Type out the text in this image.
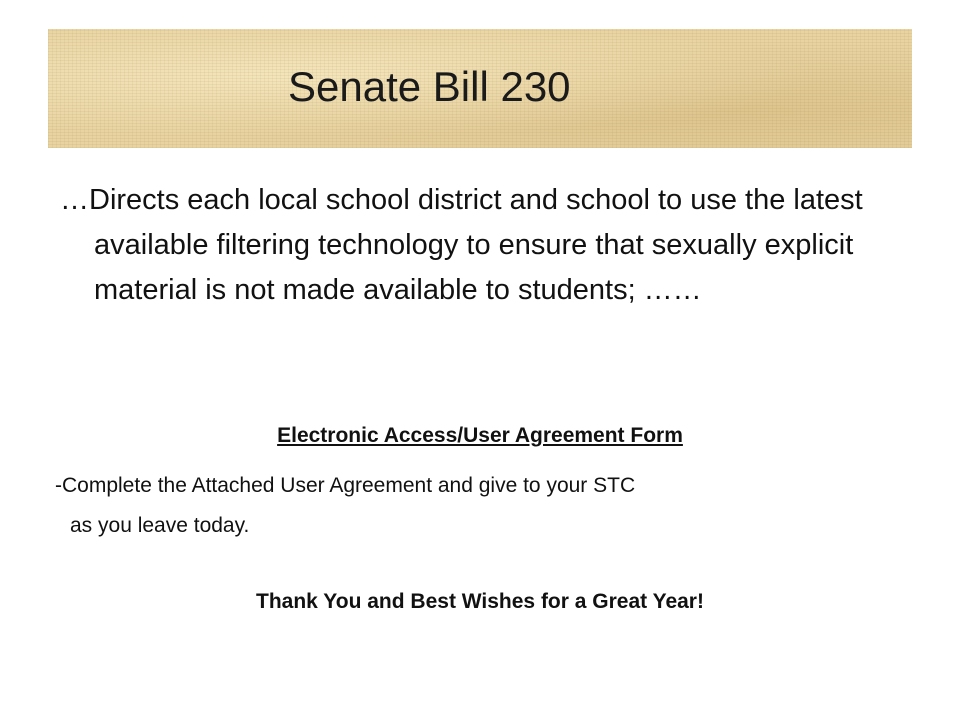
Senate Bill 230

…Directs each local school district and school to use the latest available filtering technology to ensure that sexually explicit material is not made available to students; ……

Electronic Access/User Agreement Form

-Complete the Attached User Agreement and give to your STC
as you leave today.

Thank You and Best Wishes for a Great Year!
